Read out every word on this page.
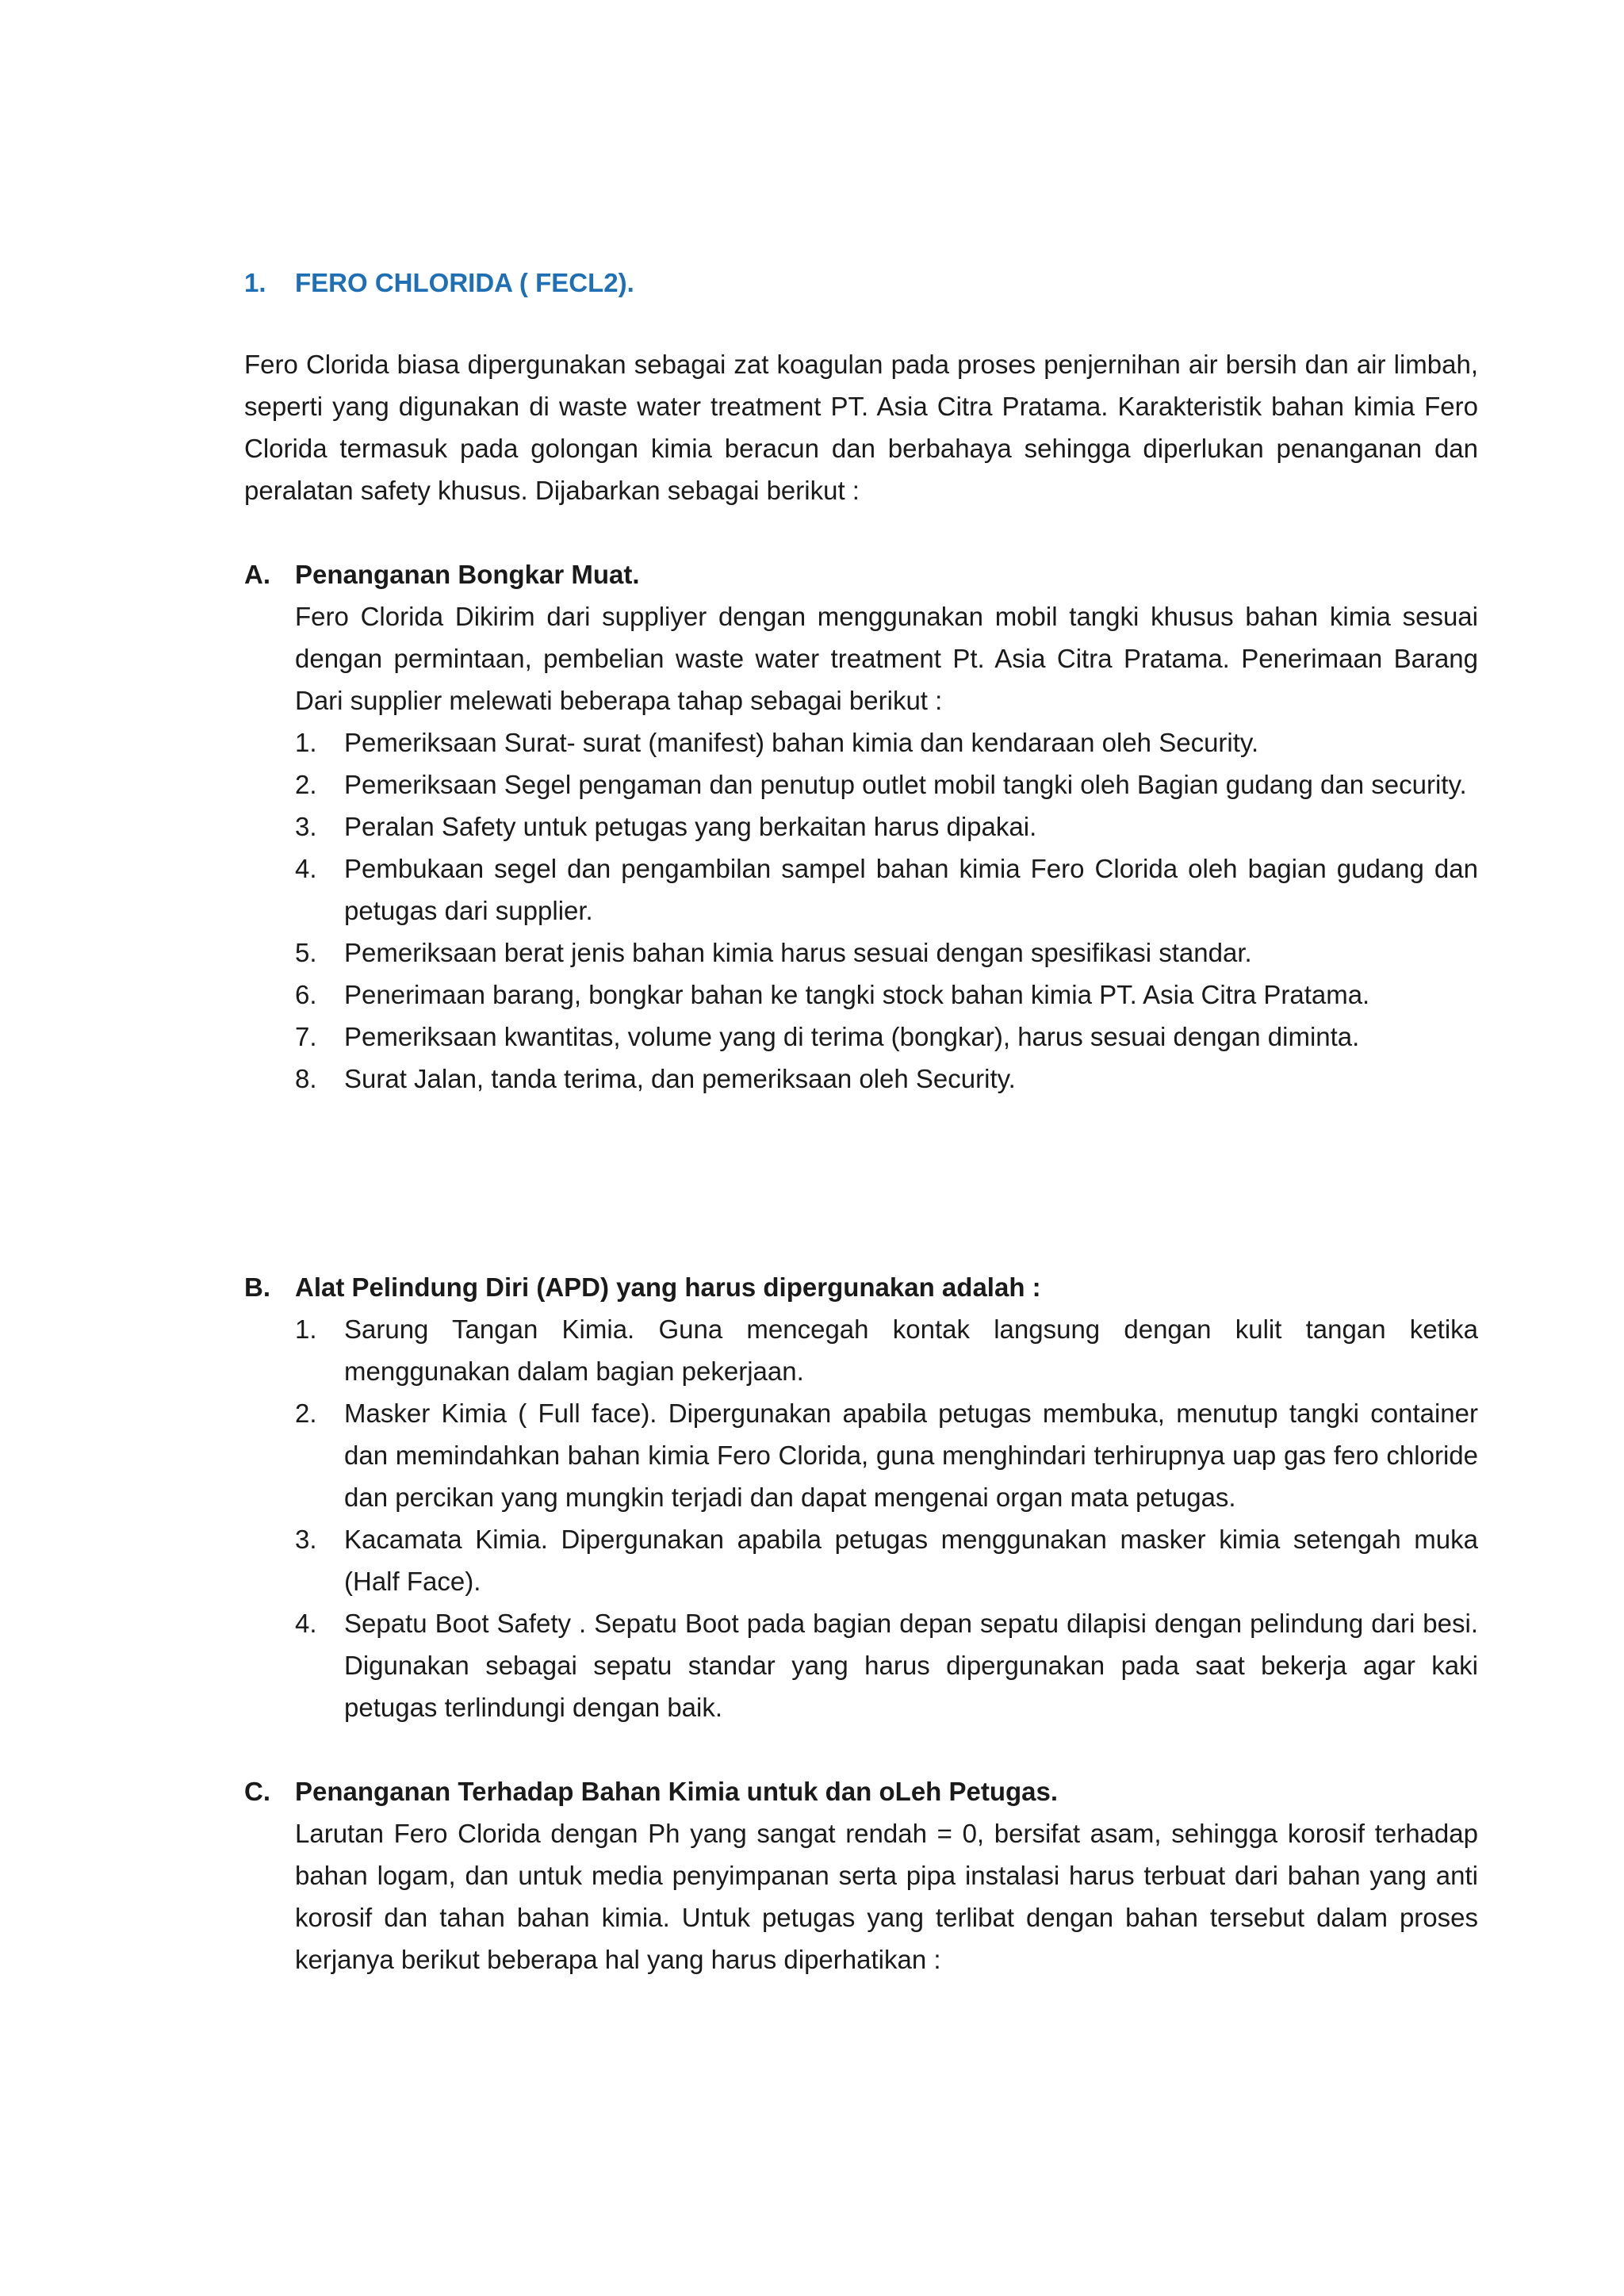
1.	FERO CHLORIDA ( FECL2).

Fero Clorida biasa dipergunakan sebagai zat koagulan pada proses penjernihan air bersih dan air limbah, seperti yang digunakan di waste water treatment PT. Asia Citra Pratama. Karakteristik bahan kimia Fero Clorida termasuk pada golongan kimia beracun dan berbahaya sehingga diperlukan penanganan dan peralatan safety khusus. Dijabarkan sebagai berikut :

A. Penanganan Bongkar Muat.
Fero Clorida Dikirim dari suppliyer dengan menggunakan mobil tangki khusus bahan kimia sesuai dengan permintaan, pembelian waste water treatment Pt. Asia Citra Pratama. Penerimaan Barang Dari supplier melewati beberapa tahap sebagai berikut :
1.	Pemeriksaan Surat- surat (manifest) bahan kimia dan kendaraan oleh Security.
2.	Pemeriksaan Segel pengaman dan penutup outlet mobil tangki oleh Bagian gudang dan security.
3.	Peralan Safety untuk petugas yang berkaitan harus dipakai.
4.	Pembukaan segel dan pengambilan sampel bahan kimia Fero Clorida oleh bagian gudang dan petugas dari supplier.
5.	Pemeriksaan berat jenis bahan kimia harus sesuai dengan spesifikasi standar.
6.	Penerimaan barang, bongkar bahan ke tangki stock bahan kimia PT. Asia Citra Pratama.
7.	Pemeriksaan kwantitas, volume yang di terima (bongkar), harus sesuai dengan diminta.
8.	Surat Jalan, tanda terima, dan pemeriksaan oleh Security.
B. Alat Pelindung Diri (APD) yang harus dipergunakan adalah :
1.	Sarung Tangan Kimia. Guna mencegah kontak langsung dengan kulit tangan ketika menggunakan dalam bagian pekerjaan.
2.	Masker Kimia ( Full face). Dipergunakan apabila petugas membuka, menutup tangki container dan memindahkan bahan kimia Fero Clorida, guna menghindari terhirupnya uap gas fero chloride dan percikan yang mungkin terjadi dan dapat mengenai organ mata petugas.
3.	Kacamata Kimia. Dipergunakan apabila petugas menggunakan masker kimia setengah muka (Half Face).
4.	Sepatu Boot Safety . Sepatu Boot pada bagian depan sepatu dilapisi dengan pelindung dari besi. Digunakan sebagai sepatu standar yang harus dipergunakan pada saat bekerja agar kaki petugas terlindungi dengan baik.
C. Penanganan Terhadap Bahan Kimia untuk dan oLeh Petugas.
Larutan Fero Clorida dengan Ph yang sangat rendah = 0, bersifat asam, sehingga korosif terhadap bahan logam, dan untuk media penyimpanan serta pipa instalasi harus terbuat dari bahan yang anti korosif dan tahan bahan kimia. Untuk petugas yang terlibat dengan bahan tersebut dalam proses kerjanya berikut beberapa hal yang harus diperhatikan :
